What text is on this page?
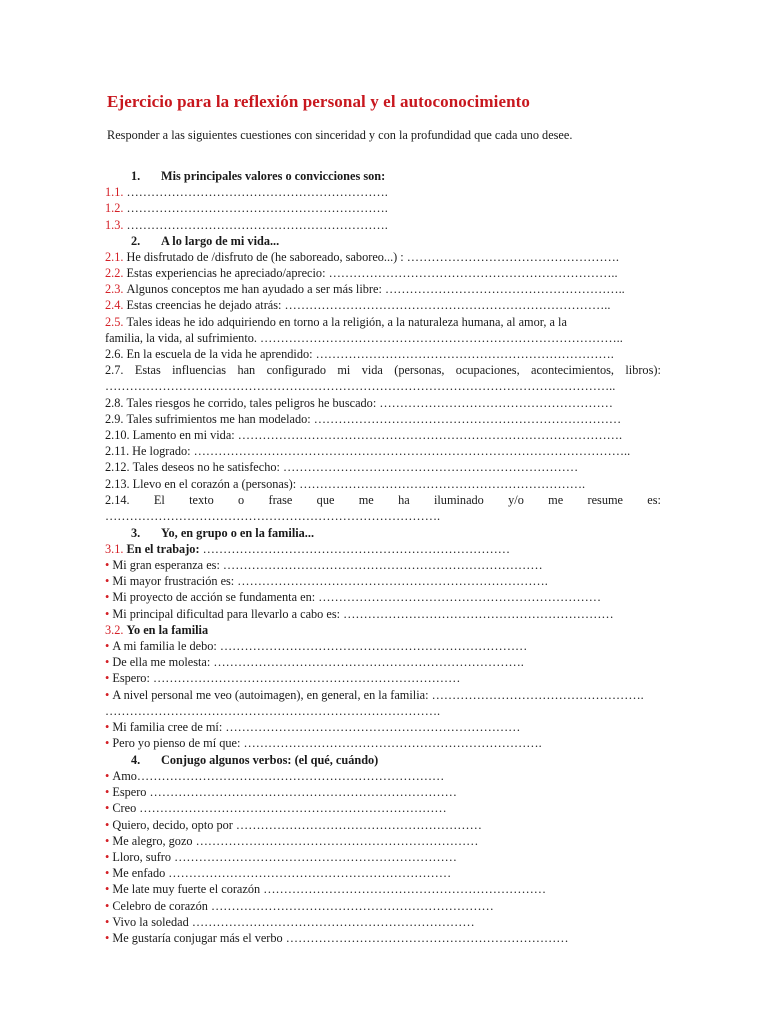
Ejercicio para la reflexión personal y el autoconocimiento
Responder a las siguientes cuestiones con sinceridad y con la profundidad que cada uno desee.
1. Mis principales valores o convicciones son:
1.1. ……………………………………………………….
1.2. ……………………………………………………….
1.3. ……………………………………………………….
2. A lo largo de mi vida...
2.1. He disfrutado de /disfruto de (he saboreado, saboreo...) : …………………………………………….
2.2. Estas experiencias he apreciado/aprecio: ……………………………………………………………..
2.3. Algunos conceptos me han ayudado a ser más libre: …………………………………………………..
2.4. Estas creencias he dejado atrás: ……………………………………………………………………..
2.5. Tales ideas he ido adquiriendo en torno a la religión, a la naturaleza humana, al amor, a la
familia, la vida, al sufrimiento. ……………………………………………………………………………..
2.6. En la escuela de la vida he aprendido: ……………………………………………………………….
2.7. Estas influencias han configurado mi vida (personas, ocupaciones, acontecimientos, libros):
……………………………………………………………………………………………………………..
2.8. Tales riesgos he corrido, tales peligros he buscado: …………………………………………………
2.9. Tales sufrimientos me han modelado: …………………………………………………………………
2.10. Lamento en mi vida: ………………………………………………………………………………….
2.11. He logrado: ……………………………………………………………………………………………..
2.12. Tales deseos no he satisfecho: ………………………………………………………………
2.13. Llevo en el corazón a (personas): …………………………………………………………….
2.14. El texto o frase que me ha iluminado y/o me resume es:
……………………………………………………………………….
3. Yo, en grupo o en la familia...
3.1. En el trabajo: …………………………………………………………………
• Mi gran esperanza es: ……………………………………………………………………
• Mi mayor frustración es: ………………………………………………………………….
• Mi proyecto de acción se fundamenta en: ……………………………………………………………
• Mi principal dificultad para llevarlo a cabo es: …………………………………………………………
3.2. Yo en la familia
• A mi familia le debo: …………………………………………………………………
• De ella me molesta: ………………………………………………………………….
• Espero: …………………………………………………………………
• A nivel personal me veo (autoimagen), en general, en la familia: …………………………………………….
……………………………………………………………………….
• Mi familia cree de mí: ………………………………………………………………
• Pero yo pienso de mí que: ……………………………………………………………….
4. Conjugo algunos verbos: (el qué, cuándo)
• Amo…………………………………………………………………
• Espero …………………………………………………………………
• Creo …………………………………………………………………
• Quiero, decido, opto por ……………………………………………………
• Me alegro, gozo ……………………………………………………………
• Lloro, sufro ……………………………………………………………
• Me enfado ……………………………………………………………
• Me late muy fuerte el corazón ……………………………………………………………
• Celebro de corazón ……………………………………………………………
• Vivo la soledad ……………………………………………………………
• Me gustaría conjugar más el verbo ……………………………………………………………
